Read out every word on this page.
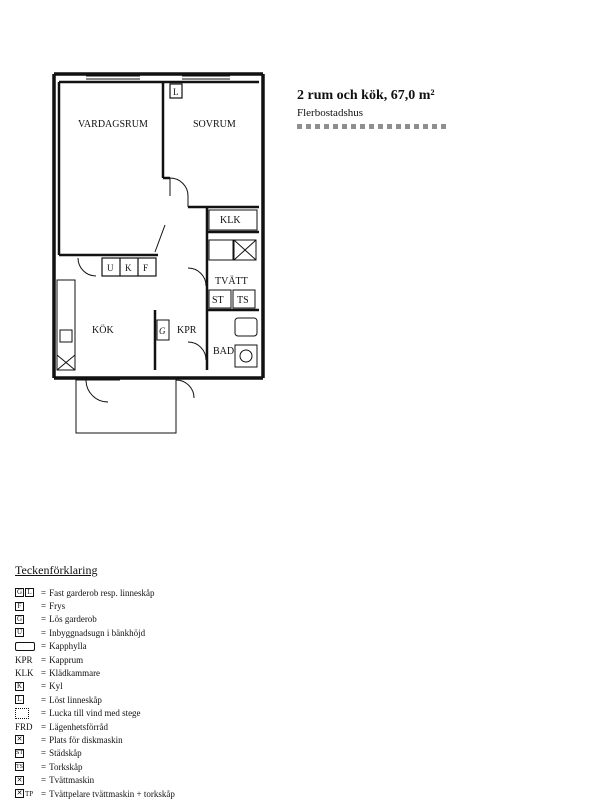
VARDAGSRUM	SOVRUM
KLK
TVÄTT
ST TS
KÖK	KPR
BAD
L
U K F
G
2 rum och kök, 67,0 m²
Flerbostadshus
Teckenförklaring
G L = Fast garderob resp. linneskåp
F = Frys
G = Lös garderob
U = Inbyggnadsugn i bänkhöjd
= Kapphylla
KPR = Kapprum
KLK = Klädkammare
K = Kyl
L = Löst linneskåp
= Lucka till vind med stege
FRD = Lägenhetsförråd
✕ = Plats för diskmaskin
ST = Städskåp
TS = Torkskåp
✕ = Tvättmaskin
✕ TP = Tvättpelare tvättmaskin + torkskåp
